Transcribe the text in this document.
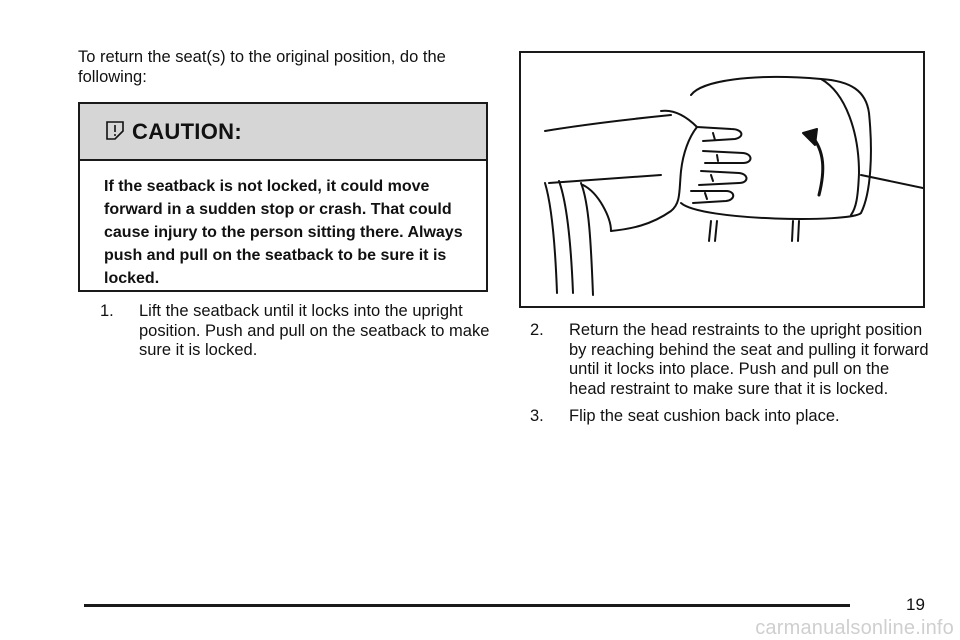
To return the seat(s) to the original position, do the following:

CAUTION:

If the seatback is not locked, it could move forward in a sudden stop or crash. That could cause injury to the person sitting there. Always push and pull on the seatback to be sure it is locked.

1. Lift the seatback until it locks into the upright position. Push and pull on the seatback to make sure it is locked.
2. Return the head restraints to the upright position by reaching behind the seat and pulling it forward until it locks into place. Push and pull on the head restraint to make sure that it is locked.
3. Flip the seat cushion back into place.
19
carmanualsonline.info
